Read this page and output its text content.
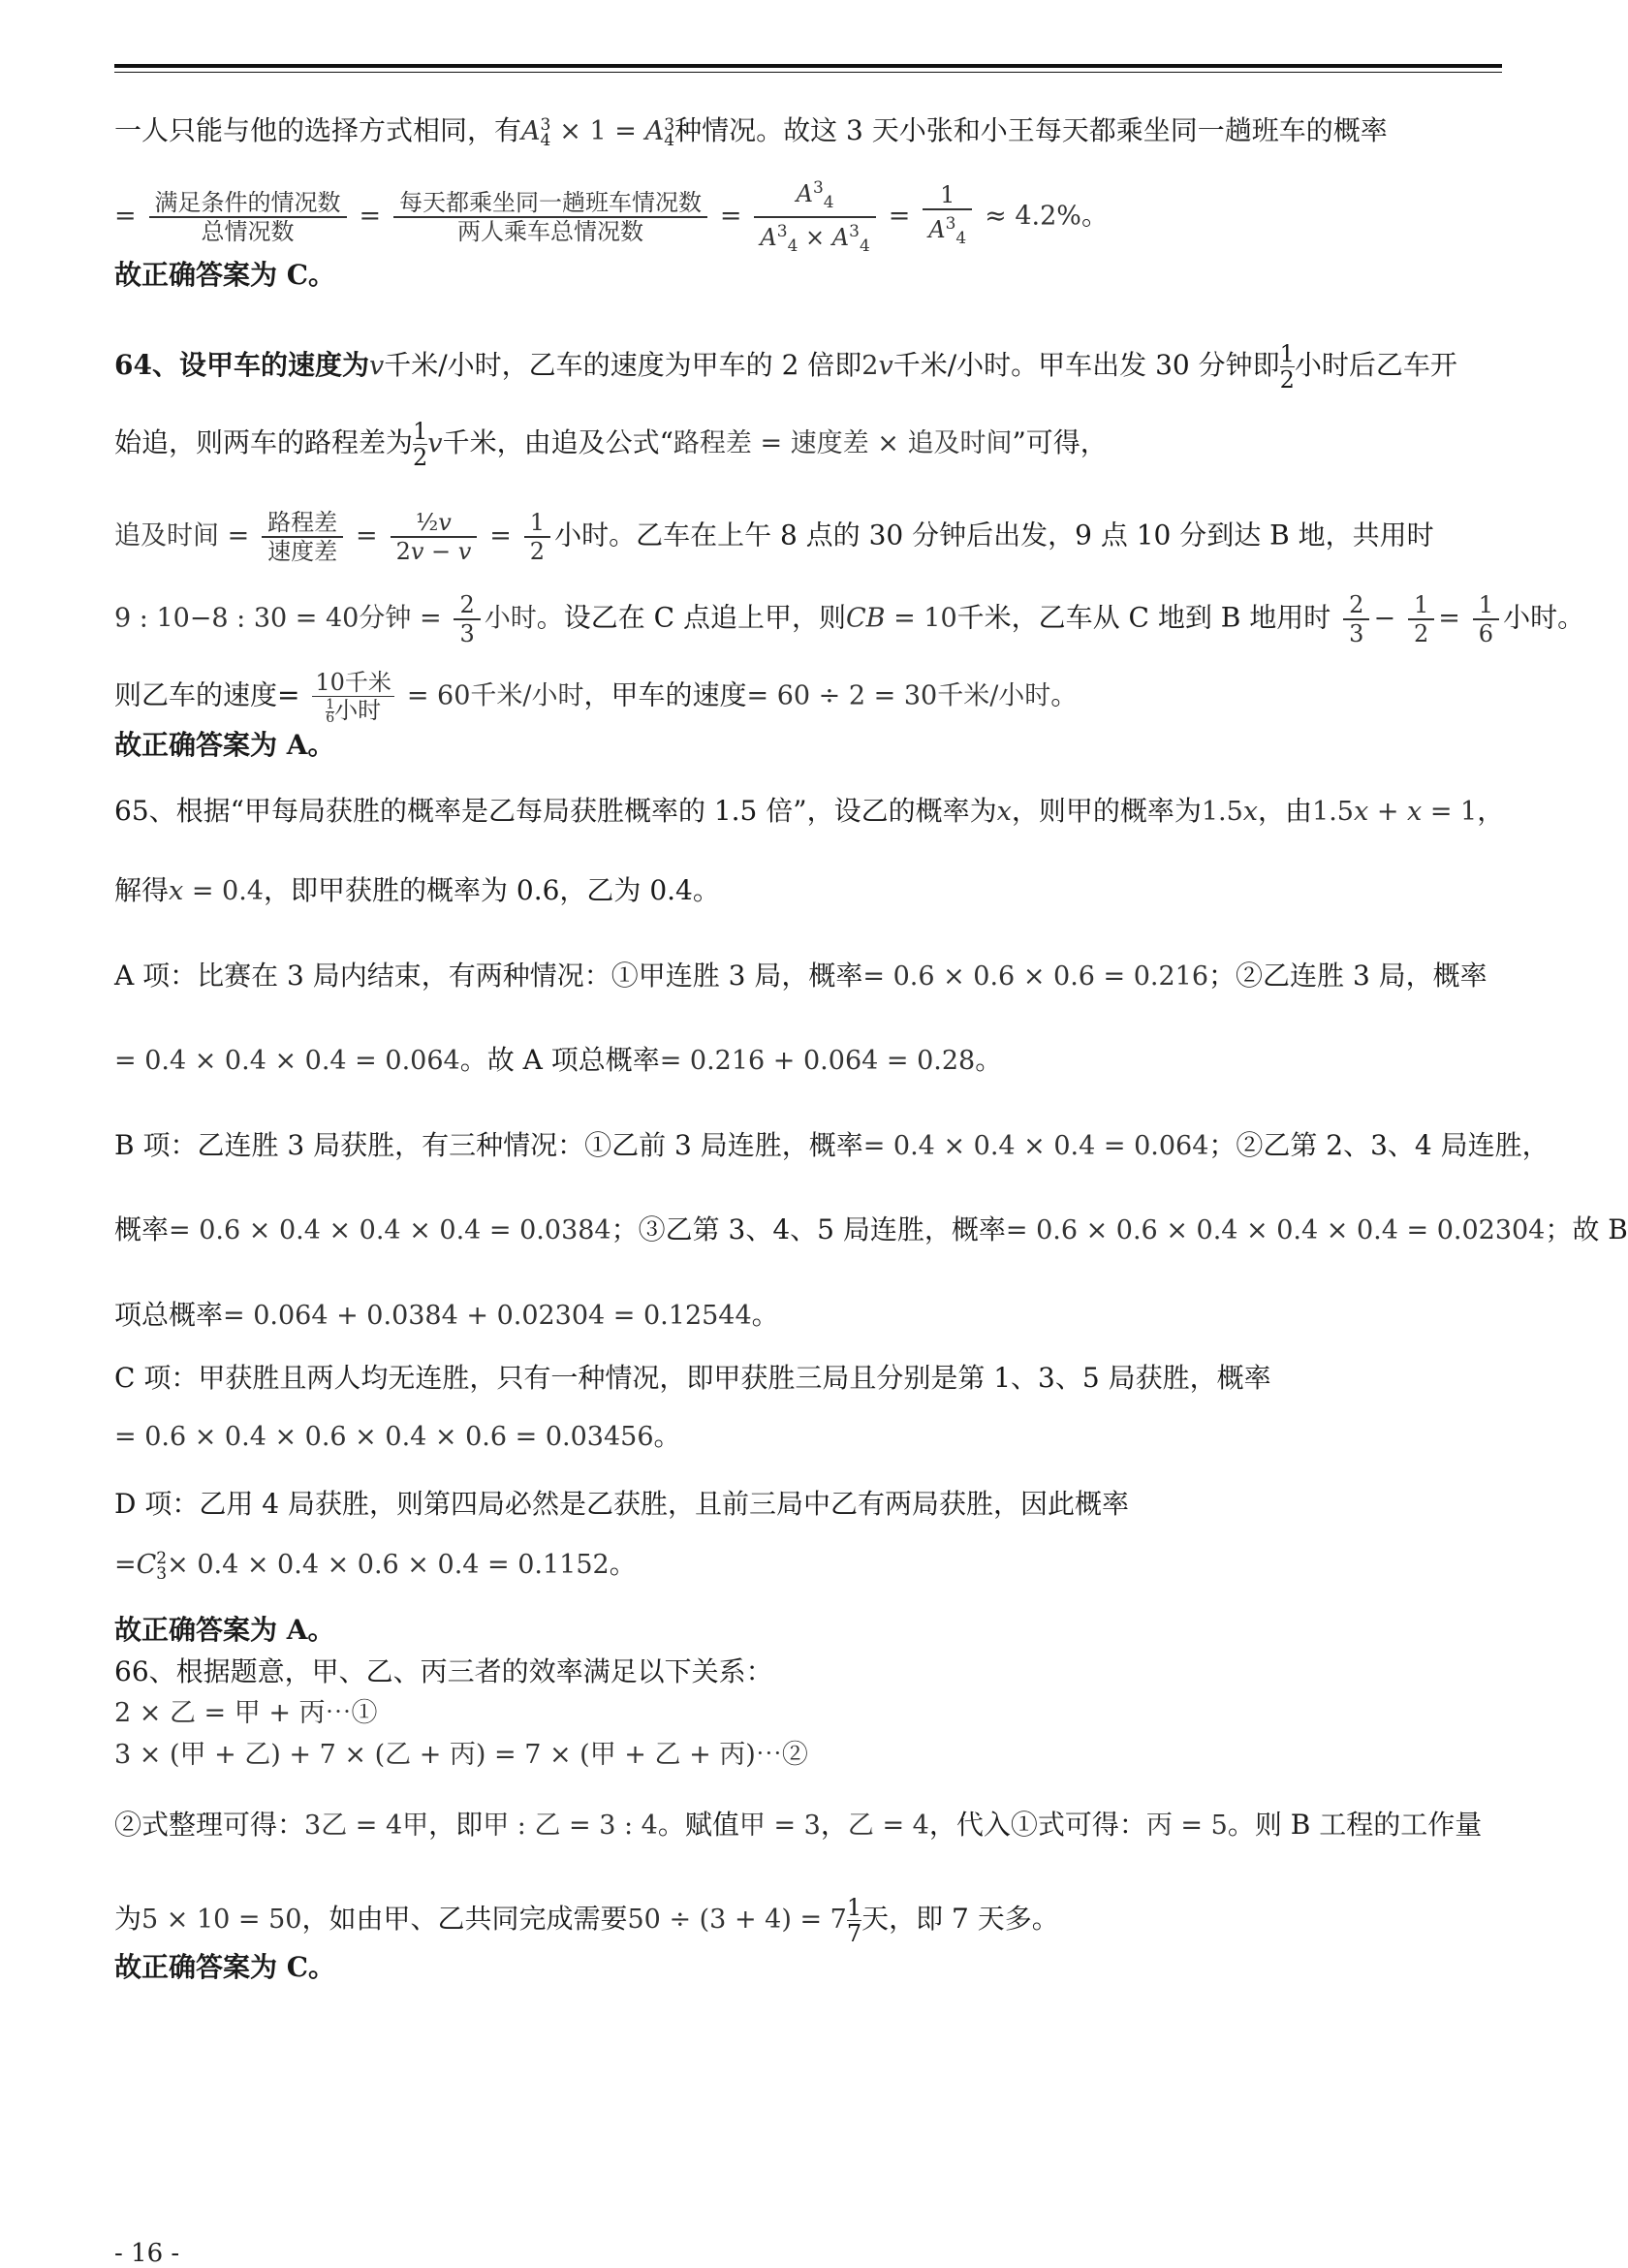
一人只能与他的选择方式相同，有A 3
4 × 1 = A 3
4 种情况。故这 3 天小张和小王每天都乘坐同一趟班车的概率
= $\frac{\text{满足条件的情况数}}{\text{总情况数}} = \frac{\text{每天都乘坐同一趟班车情况数}}{\text{两人乘车总情况数}} = \frac{A^3_4}{A^3_4 \times A^3_4} = \frac{1}{A^3_4} \approx 4.2\%$。
故正确答案为 C。
64、设甲车的速度为v千米/小时，乙车的速度为甲车的 2 倍即2v千米/小时。甲车出发 30 分钟即 $\frac{1}{2}$ 小时后乙车开
始追，则两车的路程差为 $\frac{1}{2}$ v千米，由追及公式“路程差 = 速度差 × 追及时间”可得，
追及时间 = $\frac{\text{路程差}}{\text{速度差}} = \frac{\text{½v}}{2v - v} = \frac{1}{2}$ 小时。乙车在上午 8 点的 30 分钟后出发，9 点 10 分到达 B 地，共用时
9 : 10−8 : 30 = 40分钟 = $\frac{2}{3}$ 小时。设乙在 C 点追上甲，则CB = 10千米，乙车从 C 地到 B 地用时 $\frac{2}{3} - \frac{1}{2} = \frac{1}{6}$ 小时。
则乙车的速度= $\frac{\text{10千米}}{\frac{1}{6} 小时} = 60$千米/小时，甲车的速度= 60 ÷ 2 = 30千米/小时。
故正确答案为 A。
65、根据“甲每局获胜的概率是乙每局获胜概率的 1.5 倍”，设乙的概率为x，则甲的概率为1.5x，由1.5x + x = 1，
解得x = 0.4，即甲获胜的概率为 0.6，乙为 0.4。
A 项：比赛在 3 局内结束，有两种情况：①甲连胜 3 局，概率= 0.6 × 0.6 × 0.6 = 0.216；②乙连胜 3 局，概率
= 0.4 × 0.4 × 0.4 = 0.064。故 A 项总概率= 0.216 + 0.064 = 0.28。
B 项：乙连胜 3 局获胜，有三种情况：①乙前 3 局连胜，概率= 0.4 × 0.4 × 0.4 = 0.064；②乙第 2、3、4 局连胜，
概率= 0.6 × 0.4 × 0.4 × 0.4 = 0.0384；③乙第 3、4、5 局连胜，概率= 0.6 × 0.6 × 0.4 × 0.4 × 0.4 = 0.02304；故 B
项总概率= 0.064 + 0.0384 + 0.02304 = 0.12544。
C 项：甲获胜且两人均无连胜，只有一种情况，即甲获胜三局且分别是第 1、3、5 局获胜，概率
= 0.6 × 0.4 × 0.6 × 0.4 × 0.6 = 0.03456。
D 项：乙用 4 局获胜，则第四局必然是乙获胜，且前三局中乙有两局获胜，因此概率
=C 2
3 × 0.4 × 0.4 × 0.6 × 0.4 = 0.1152。
故正确答案为 A。
66、根据题意，甲、乙、丙三者的效率满足以下关系：
2 × 乙 = 甲 + 丙⋯①
3 × (甲 + 乙) + 7 × (乙 + 丙) = 7 × (甲 + 乙 + 丙)⋯②
②式整理可得：3乙 = 4甲，即甲 : 乙 = 3 : 4。赋值甲 = 3，乙 = 4，代入①式可得：丙 = 5。则 B 工程的工作量
为5 × 10 = 50，如由甲、乙共同完成需要$50 \div (3 + 4) = 7 \frac{1}{7}$ 天，即 7 天多。
故正确答案为 C。
- 16 -
